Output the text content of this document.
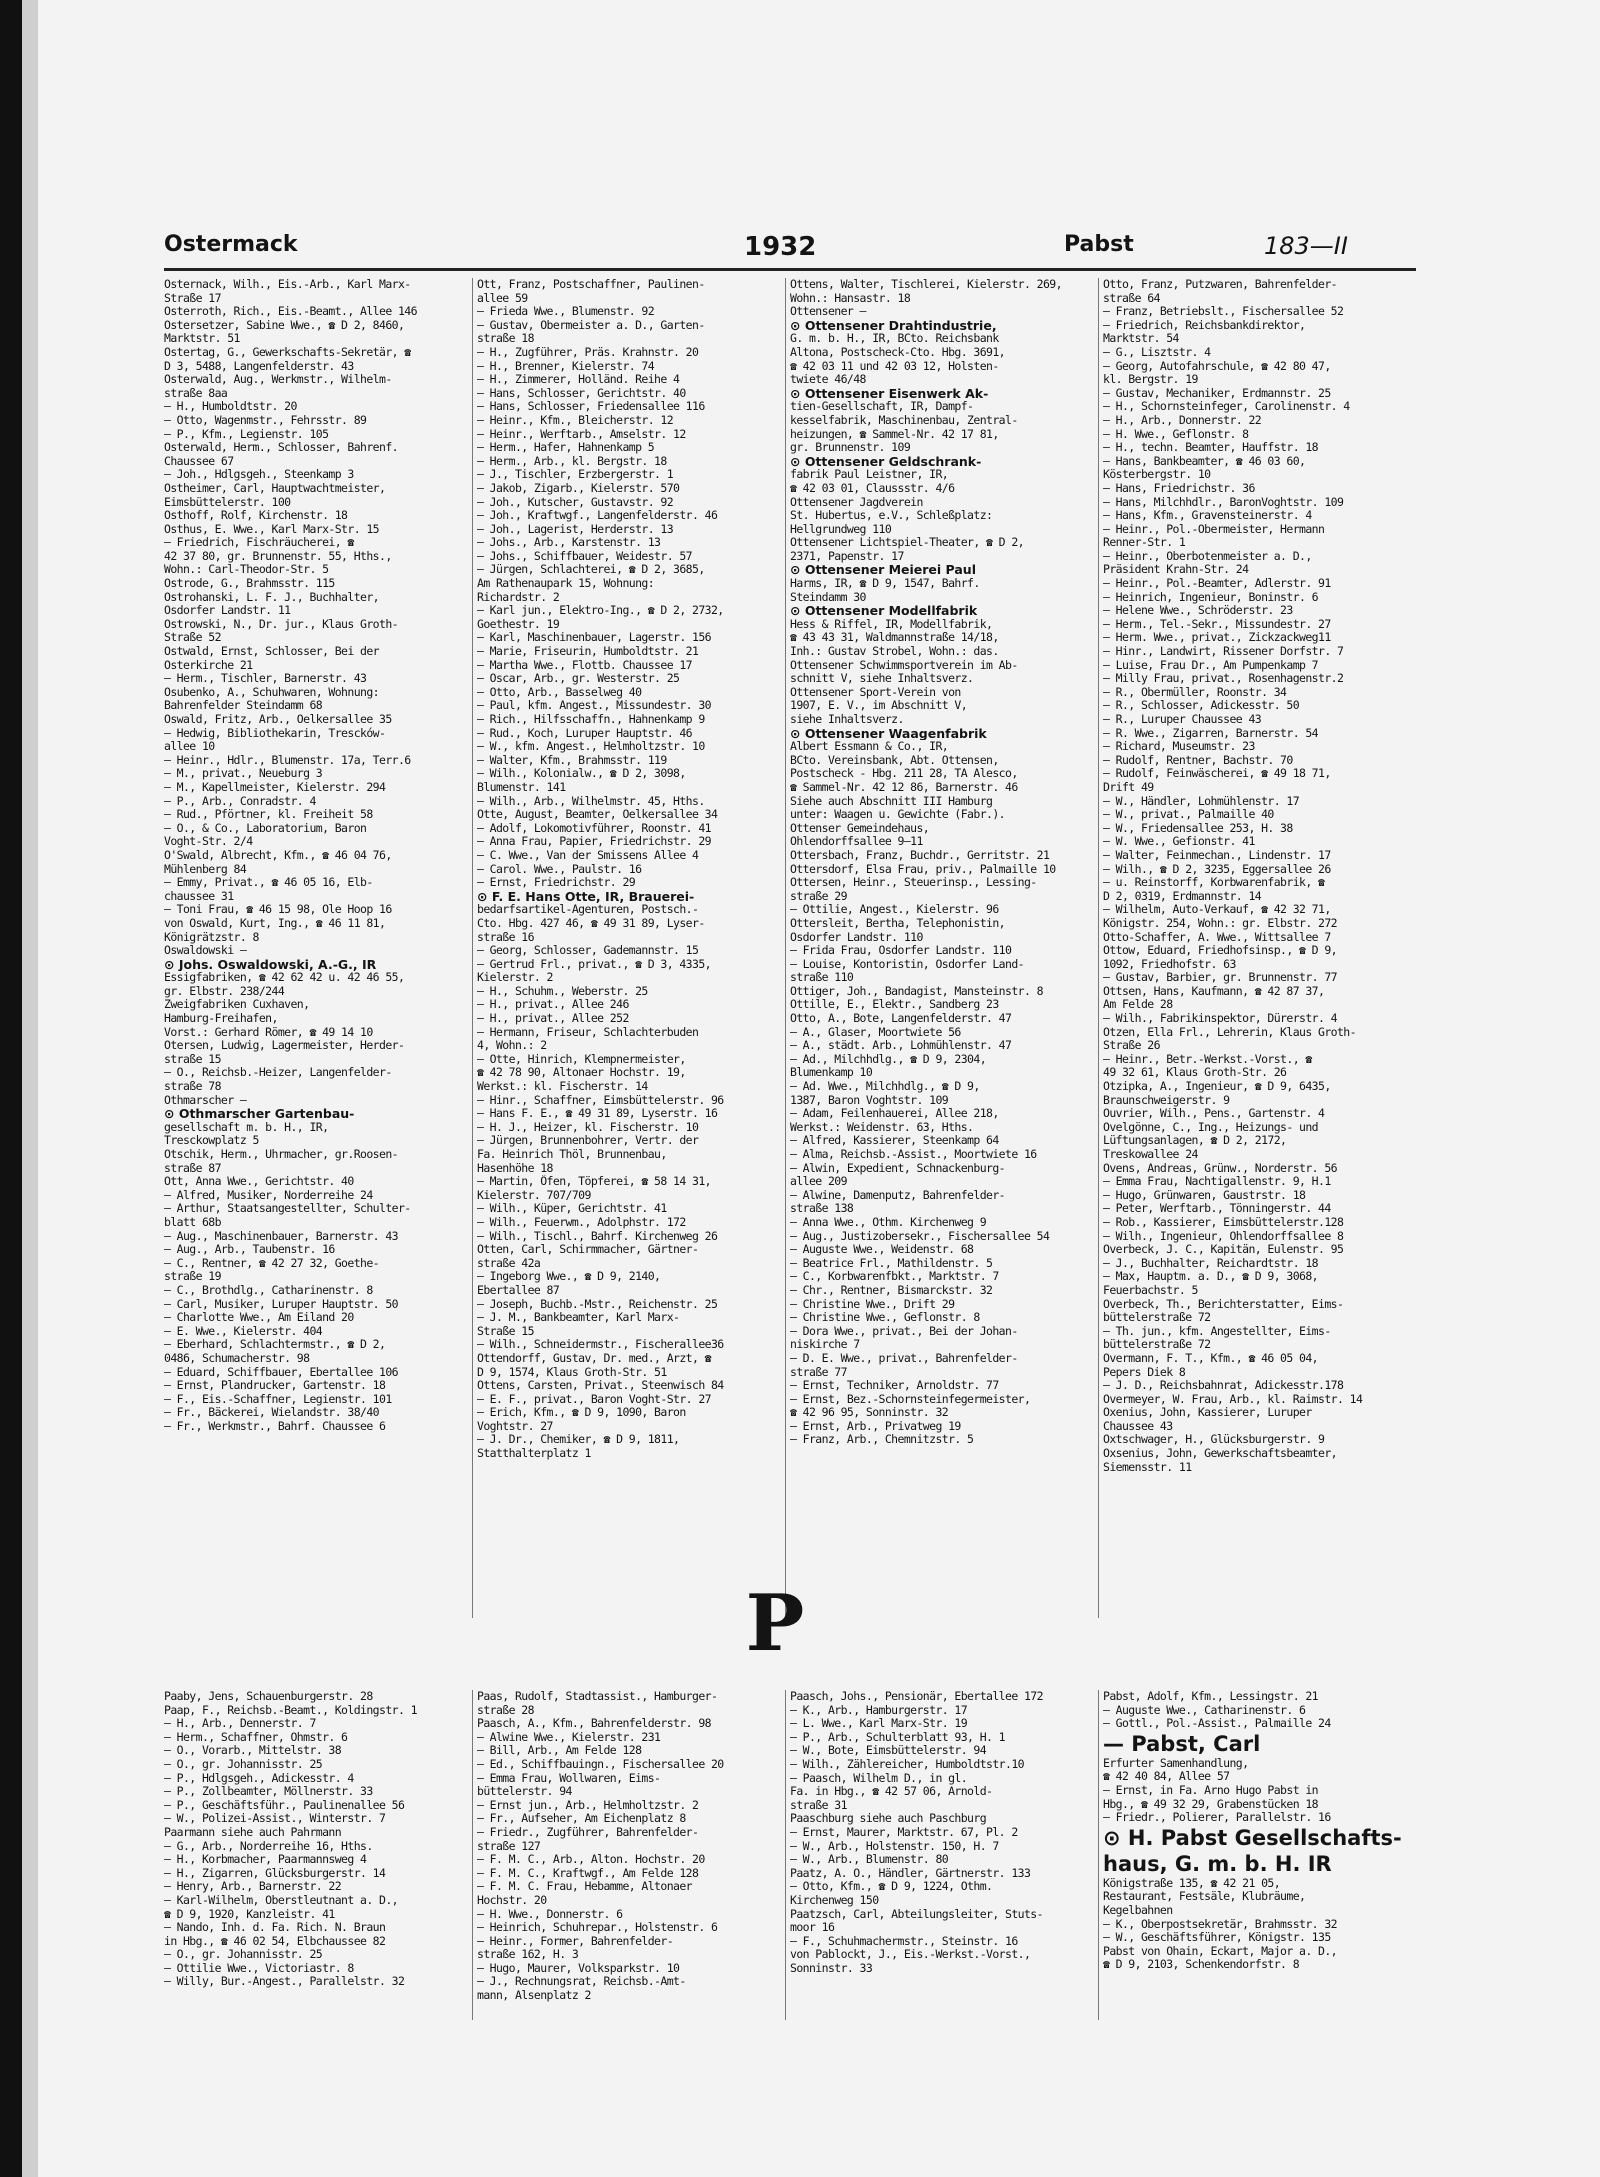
Ostermack	1932	Pabst	183—II
Osternack, Wilh., Eis.-Arb., Karl Marx-
Straße 17
Osterroth, Rich., Eis.-Beamt., Allee 146
Ostersetzer, Sabine Wwe., ☎ D 2, 8460,
Marktstr. 51
Ostertag, G., Gewerkschafts-Sekretär, ☎
D 3, 5488, Langenfelderstr. 43
Osterwald, Aug., Werkmstr., Wilhelm-
straße 8aa
— H., Humboldtstr. 20
— Otto, Wagenmstr., Fehrsstr. 89
— P., Kfm., Legienstr. 105
Osterwald, Herm., Schlosser, Bahrenf.
Chaussee 67
— Joh., Hdlgsgeh., Steenkamp 3
Ostheimer, Carl, Hauptwachtmeister,
Eimsbüttelerstr. 100
Osthoff, Rolf, Kirchenstr. 18
Osthus, E. Wwe., Karl Marx-Str. 15
— Friedrich, Fischräucherei, ☎
42 37 80, gr. Brunnenstr. 55, Hths.,
Wohn.: Carl-Theodor-Str. 5
Ostrode, G., Brahmsstr. 115
Ostrohanski, L. F. J., Buchhalter,
Osdorfer Landstr. 11
Ostrowski, N., Dr. jur., Klaus Groth-
Straße 52
Ostwald, Ernst, Schlosser, Bei der
Osterkirche 21
— Herm., Tischler, Barnerstr. 43
Osubenko, A., Schuhwaren, Wohnung:
Bahrenfelder Steindamm 68
Oswald, Fritz, Arb., Oelkersallee 35
— Hedwig, Bibliothekarin, Trescków-
allee 10
— Heinr., Hdlr., Blumenstr. 17a, Terr.6
— M., privat., Neueburg 3
— M., Kapellmeister, Kielerstr. 294
— P., Arb., Conradstr. 4
— Rud., Pförtner, kl. Freiheit 58
— O., & Co., Laboratorium, Baron
Voght-Str. 2/4
O'Swald, Albrecht, Kfm., ☎ 46 04 76,
Mühlenberg 84
— Emmy, Privat., ☎ 46 05 16, Elb-
chaussee 31
— Toni Frau, ☎ 46 15 98, Ole Hoop 16
von Oswald, Kurt, Ing., ☎ 46 11 81,
Königrätzstr. 8
Oswaldowski —
⊙ Johs. Oswaldowski, A.-G., IR
Essigfabriken, ☎ 42 62 42 u. 42 46 55,
gr. Elbstr. 238/244
Zweigfabriken Cuxhaven,
Hamburg-Freihafen,
Vorst.: Gerhard Römer, ☎ 49 14 10
Otersen, Ludwig, Lagermeister, Herder-
straße 15
— O., Reichsb.-Heizer, Langenfelder-
straße 78
Othmarscher —
⊙ Othmarscher Gartenbau-
gesellschaft m. b. H., IR,
Tresckowplatz 5
Otschik, Herm., Uhrmacher, gr.Roosen-
straße 87
Ott, Anna Wwe., Gerichtstr. 40
— Alfred, Musiker, Norderreihe 24
— Arthur, Staatsangestellter, Schulter-
blatt 68b
— Aug., Maschinenbauer, Barnerstr. 43
— Aug., Arb., Taubenstr. 16
— C., Rentner, ☎ 42 27 32, Goethe-
straße 19
— C., Brothdlg., Catharinenstr. 8
— Carl, Musiker, Luruper Hauptstr. 50
— Charlotte Wwe., Am Eiland 20
— E. Wwe., Kielerstr. 404
— Eberhard, Schlachtermstr., ☎ D 2,
0486, Schumacherstr. 98
— Eduard, Schiffbauer, Ebertallee 106
— Ernst, Plandrucker, Gartenstr. 18
— F., Eis.-Schaffner, Legienstr. 101
— Fr., Bäckerei, Wielandstr. 38/40
— Fr., Werkmstr., Bahrf. Chaussee 6
Ott, Franz, Postschaffner, Paulinen-
allee 59
— Frieda Wwe., Blumenstr. 92
— Gustav, Obermeister a. D., Garten-
straße 18
— H., Zugführer, Präs. Krahnstr. 20
— H., Brenner, Kielerstr. 74
— H., Zimmerer, Holländ. Reihe 4
— Hans, Schlosser, Gerichtstr. 40
— Hans, Schlosser, Friedensallee 116
— Heinr., Kfm., Bleicherstr. 12
— Heinr., Werftarb., Amselstr. 12
— Herm., Hafer, Hahnenkamp 5
— Herm., Arb., kl. Bergstr. 18
— J., Tischler, Erzbergerstr. 1
— Jakob, Zigarb., Kielerstr. 570
— Joh., Kutscher, Gustavstr. 92
— Joh., Kraftwgf., Langenfelderstr. 46
— Joh., Lagerist, Herderstr. 13
— Johs., Arb., Karstenstr. 13
— Johs., Schiffbauer, Weidestr. 57
— Jürgen, Schlachterei, ☎ D 2, 3685,
Am Rathenaupark 15, Wohnung:
Richardstr. 2
— Karl jun., Elektro-Ing., ☎ D 2, 2732,
Goethestr. 19
— Karl, Maschinenbauer, Lagerstr. 156
— Marie, Friseurin, Humboldtstr. 21
— Martha Wwe., Flottb. Chaussee 17
— Oscar, Arb., gr. Westerstr. 25
— Otto, Arb., Basselweg 40
— Paul, kfm. Angest., Missundestr. 30
— Rich., Hilfsschaffn., Hahnenkamp 9
— Rud., Koch, Luruper Hauptstr. 46
— W., kfm. Angest., Helmholtzstr. 10
— Walter, Kfm., Brahmsstr. 119
— Wilh., Kolonialw., ☎ D 2, 3098,
Blumenstr. 141
— Wilh., Arb., Wilhelmstr. 45, Hths.
Otte, August, Beamter, Oelkersallee 34
— Adolf, Lokomotivführer, Roonstr. 41
— Anna Frau, Papier, Friedrichstr. 29
— C. Wwe., Van der Smissens Allee 4
— Carol. Wwe., Paulstr. 16
— Ernst, Friedrichstr. 29
⊙ F. E. Hans Otte, IR, Brauerei-
bedarfsartikel-Agenturen, Postsch.-
Cto. Hbg. 427 46, ☎ 49 31 89, Lyser-
straße 16
— Georg, Schlosser, Gademannstr. 15
— Gertrud Frl., privat., ☎ D 3, 4335,
Kielerstr. 2
— H., Schuhm., Weberstr. 25
— H., privat., Allee 246
— H., privat., Allee 252
— Hermann, Friseur, Schlachterbuden
4, Wohn.: 2
— Otte, Hinrich, Klempnermeister,
☎ 42 78 90, Altonaer Hochstr. 19,
Werkst.: kl. Fischerstr. 14
— Hinr., Schaffner, Eimsbüttelerstr. 96
— Hans F. E., ☎ 49 31 89, Lyserstr. 16
— H. J., Heizer, kl. Fischerstr. 10
— Jürgen, Brunnenbohrer, Vertr. der
Fa. Heinrich Thöl, Brunnenbau,
Hasenhöhe 18
— Martin, Öfen, Töpferei, ☎ 58 14 31,
Kielerstr. 707/709
— Wilh., Küper, Gerichtstr. 41
— Wilh., Feuerwm., Adolphstr. 172
— Wilh., Tischl., Bahrf. Kirchenweg 26
Otten, Carl, Schirmmacher, Gärtner-
straße 42a
— Ingeborg Wwe., ☎ D 9, 2140,
Ebertallee 87
— Joseph, Buchb.-Mstr., Reichenstr. 25
— J. M., Bankbeamter, Karl Marx-
Straße 15
— Wilh., Schneidermstr., Fischerallee36
Ottendorff, Gustav, Dr. med., Arzt, ☎
D 9, 1574, Klaus Groth-Str. 51
Ottens, Carsten, Privat., Steenwisch 84
— E. F., privat., Baron Voght-Str. 27
— Erich, Kfm., ☎ D 9, 1090, Baron
Voghtstr. 27
— J. Dr., Chemiker, ☎ D 9, 1811,
Statthalterplatz 1
Ottens, Walter, Tischlerei, Kielerstr. 269,
Wohn.: Hansastr. 18
Ottensener —
⊙ Ottensener Drahtindustrie,
G. m. b. H., IR, BCto. Reichsbank
Altona, Postscheck-Cto. Hbg. 3691,
☎ 42 03 11 und 42 03 12, Holsten-
twiete 46/48
⊙ Ottensener Eisenwerk Ak-
tien-Gesellschaft, IR, Dampf-
kesselfabrik, Maschinenbau, Zentral-
heizungen, ☎ Sammel-Nr. 42 17 81,
gr. Brunnenstr. 109
⊙ Ottensener Geldschrank-
fabrik Paul Leistner, IR,
☎ 42 03 01, Claussstr. 4/6
Ottensener Jagdverein
St. Hubertus, e.V., Schleßplatz:
Hellgrundweg 110
Ottensener Lichtspiel-Theater, ☎ D 2,
2371, Papenstr. 17
⊙ Ottensener Meierei Paul
Harms, IR, ☎ D 9, 1547, Bahrf.
Steindamm 30
⊙ Ottensener Modellfabrik
Hess & Riffel, IR, Modellfabrik,
☎ 43 43 31, Waldmannstraße 14/18,
Inh.: Gustav Strobel, Wohn.: das.
Ottensener Schwimmsportverein im Ab-
schnitt V, siehe Inhaltsverz.
Ottensener Sport-Verein von
1907, E. V., im Abschnitt V,
siehe Inhaltsverz.
⊙ Ottensener Waagenfabrik
Albert Essmann & Co., IR,
BCto. Vereinsbank, Abt. Ottensen,
Postscheck - Hbg. 211 28, TA Alesco,
☎ Sammel-Nr. 42 12 86, Barnerstr. 46
Siehe auch Abschnitt III Hamburg
unter: Waagen u. Gewichte (Fabr.).
Ottenser Gemeindehaus,
Ohlendorffsallee 9—11
Ottersbach, Franz, Buchdr., Gerritstr. 21
Ottersdorf, Elsa Frau, priv., Palmaille 10
Ottersen, Heinr., Steuerinsp., Lessing-
straße 29
— Ottilie, Angest., Kielerstr. 96
Ottersleit, Bertha, Telephonistin,
Osdorfer Landstr. 110
— Frida Frau, Osdorfer Landstr. 110
— Louise, Kontoristin, Osdorfer Land-
straße 110
Ottiger, Joh., Bandagist, Mansteinstr. 8
Ottille, E., Elektr., Sandberg 23
Otto, A., Bote, Langenfelderstr. 47
— A., Glaser, Moortwiete 56
— A., städt. Arb., Lohmühlenstr. 47
— Ad., Milchhdlg., ☎ D 9, 2304,
Blumenkamp 10
— Ad. Wwe., Milchhdlg., ☎ D 9,
1387, Baron Voghtstr. 109
— Adam, Feilenhauerei, Allee 218,
Werkst.: Weidenstr. 63, Hths.
— Alfred, Kassierer, Steenkamp 64
— Alma, Reichsb.-Assist., Moortwiete 16
— Alwin, Expedient, Schnackenburg-
allee 209
— Alwine, Damenputz, Bahrenfelder-
straße 138
— Anna Wwe., Othm. Kirchenweg 9
— Aug., Justizobersekr., Fischersallee 54
— Auguste Wwe., Weidenstr. 68
— Beatrice Frl., Mathildenstr. 5
— C., Korbwarenfbkt., Marktstr. 7
— Chr., Rentner, Bismarckstr. 32
— Christine Wwe., Drift 29
— Christine Wwe., Geflonstr. 8
— Dora Wwe., privat., Bei der Johan-
niskirche 7
— D. E. Wwe., privat., Bahrenfelder-
straße 77
— Ernst, Techniker, Arnoldstr. 77
— Ernst, Bez.-Schornsteinfegermeister,
☎ 42 96 95, Sonninstr. 32
— Ernst, Arb., Privatweg 19
— Franz, Arb., Chemnitzstr. 5
Otto, Franz, Putzwaren, Bahrenfelder-
straße 64
— Franz, Betriebslt., Fischersallee 52
— Friedrich, Reichsbankdirektor,
Marktstr. 54
— G., Lisztstr. 4
— Georg, Autofahrschule, ☎ 42 80 47,
kl. Bergstr. 19
— Gustav, Mechaniker, Erdmannstr. 25
— H., Schornsteinfeger, Carolinenstr. 4
— H., Arb., Donnerstr. 22
— H. Wwe., Geflonstr. 8
— H., techn. Beamter, Hauffstr. 18
— Hans, Bankbeamter, ☎ 46 03 60,
Kösterbergstr. 10
— Hans, Friedrichstr. 36
— Hans, Milchhdlr., BaronVoghtstr. 109
— Hans, Kfm., Gravensteinerstr. 4
— Heinr., Pol.-Obermeister, Hermann
Renner-Str. 1
— Heinr., Oberbotenmeister a. D.,
Präsident Krahn-Str. 24
— Heinr., Pol.-Beamter, Adlerstr. 91
— Heinrich, Ingenieur, Boninstr. 6
— Helene Wwe., Schröderstr. 23
— Herm., Tel.-Sekr., Missundestr. 27
— Herm. Wwe., privat., Zickzackweg11
— Hinr., Landwirt, Rissener Dorfstr. 7
— Luise, Frau Dr., Am Pumpenkamp 7
— Milly Frau, privat., Rosenhagenstr.2
— R., Obermüller, Roonstr. 34
— R., Schlosser, Adickesstr. 50
— R., Luruper Chaussee 43
— R. Wwe., Zigarren, Barnerstr. 54
— Richard, Museumstr. 23
— Rudolf, Rentner, Bachstr. 70
— Rudolf, Feinwäscherei, ☎ 49 18 71,
Drift 49
— W., Händler, Lohmühlenstr. 17
— W., privat., Palmaille 40
— W., Friedensallee 253, H. 38
— W. Wwe., Gefionstr. 41
— Walter, Feinmechan., Lindenstr. 17
— Wilh., ☎ D 2, 3235, Eggersallee 26
— u. Reinstorff, Korbwarenfabrik, ☎
D 2, 0319, Erdmannstr. 14
— Wilhelm, Auto-Verkauf, ☎ 42 32 71,
Königstr. 254, Wohn.: gr. Elbstr. 272
Otto-Schaffer, A. Wwe., Wittsallee 7
Ottow, Eduard, Friedhofsinsp., ☎ D 9,
1092, Friedhofstr. 63
— Gustav, Barbier, gr. Brunnenstr. 77
Ottsen, Hans, Kaufmann, ☎ 42 87 37,
Am Felde 28
— Wilh., Fabrikinspektor, Dürerstr. 4
Otzen, Ella Frl., Lehrerin, Klaus Groth-
Straße 26
— Heinr., Betr.-Werkst.-Vorst., ☎
49 32 61, Klaus Groth-Str. 26
Otzipka, A., Ingenieur, ☎ D 9, 6435,
Braunschweigerstr. 9
Ouvrier, Wilh., Pens., Gartenstr. 4
Ovelgönne, C., Ing., Heizungs- und
Lüftungsanlagen, ☎ D 2, 2172,
Treskowallee 24
Ovens, Andreas, Grünw., Norderstr. 56
— Emma Frau, Nachtigallenstr. 9, H.1
— Hugo, Grünwaren, Gaustrstr. 18
— Peter, Werftarb., Tönningerstr. 44
— Rob., Kassierer, Eimsbüttelerstr.128
— Wilh., Ingenieur, Ohlendorffsallee 8
Overbeck, J. C., Kapitän, Eulenstr. 95
— J., Buchhalter, Reichardtstr. 18
— Max, Hauptm. a. D., ☎ D 9, 3068,
Feuerbachstr. 5
Overbeck, Th., Berichterstatter, Eims-
büttelerstraße 72
— Th. jun., kfm. Angestellter, Eims-
büttelerstraße 72
Overmann, F. T., Kfm., ☎ 46 05 04,
Pepers Diek 8
— J. D., Reichsbahnrat, Adickesstr.178
Overmeyer, W. Frau, Arb., kl. Raimstr. 14
Oxenius, John, Kassierer, Luruper
Chaussee 43
Oxtschwager, H., Glücksburgerstr. 9
Oxsenius, John, Gewerkschaftsbeamter,
Siemensstr. 11
P
Paaby, Jens, Schauenburgerstr. 28
Paap, F., Reichsb.-Beamt., Koldingstr. 1
— H., Arb., Dennerstr. 7
— Herm., Schaffner, Ohmstr. 6
— O., Vorarb., Mittelstr. 38
— O., gr. Johannisstr. 25
— P., Hdlgsgeh., Adickesstr. 4
— P., Zollbeamter, Möllnerstr. 33
— P., Geschäftsführ., Paulinenallee 56
— W., Polizei-Assist., Winterstr. 7
Paarmann siehe auch Pahrmann
— G., Arb., Norderreihe 16, Hths.
— H., Korbmacher, Paarmannsweg 4
— H., Zigarren, Glücksburgerstr. 14
— Henry, Arb., Barnerstr. 22
— Karl-Wilhelm, Oberstleutnant a. D.,
☎ D 9, 1920, Kanzleistr. 41
— Nando, Inh. d. Fa. Rich. N. Braun
in Hbg., ☎ 46 02 54, Elbchaussee 82
— O., gr. Johannisstr. 25
— Ottilie Wwe., Victoriastr. 8
— Willy, Bur.-Angest., Parallelstr. 32
Paas, Rudolf, Stadtassist., Hamburger-
straße 28
Paasch, A., Kfm., Bahrenfelderstr. 98
— Alwine Wwe., Kielerstr. 231
— Bill, Arb., Am Felde 128
— Ed., Schiffbauingn., Fischersallee 20
— Emma Frau, Wollwaren, Eims-
büttelerstr. 94
— Ernst jun., Arb., Helmholtzstr. 2
— Fr., Aufseher, Am Eichenplatz 8
— Friedr., Zugführer, Bahrenfelder-
straße 127
— F. M. C., Arb., Alton. Hochstr. 20
— F. M. C., Kraftwgf., Am Felde 128
— F. M. C. Frau, Hebamme, Altonaer
Hochstr. 20
— H. Wwe., Donnerstr. 6
— Heinrich, Schuhrepar., Holstenstr. 6
— Heinr., Former, Bahrenfelder-
straße 162, H. 3
— Hugo, Maurer, Volksparkstr. 10
— J., Rechnungsrat, Reichsb.-Amt-
mann, Alsenplatz 2
Paasch, Johs., Pensionär, Ebertallee 172
— K., Arb., Hamburgerstr. 17
— L. Wwe., Karl Marx-Str. 19
— P., Arb., Schulterblatt 93, H. 1
— W., Bote, Eimsbüttelerstr. 94
— Wilh., Zählereicher, Humboldtstr.10
— Paasch, Wilhelm D., in gl.
Fa. in Hbg., ☎ 42 57 06, Arnold-
straße 31
Paaschburg siehe auch Paschburg
— Ernst, Maurer, Marktstr. 67, Pl. 2
— W., Arb., Holstenstr. 150, H. 7
— W., Arb., Blumenstr. 80
Paatz, A. O., Händler, Gärtnerstr. 133
— Otto, Kfm., ☎ D 9, 1224, Othm.
Kirchenweg 150
Paatzsch, Carl, Abteilungsleiter, Stuts-
moor 16
— F., Schuhmachermstr., Steinstr. 16
von Pablockt, J., Eis.-Werkst.-Vorst.,
Sonninstr. 33
Pabst, Adolf, Kfm., Lessingstr. 21
— Auguste Wwe., Catharinenstr. 6
— Gottl., Pol.-Assist., Palmaille 24
— Pabst, Carl
Erfurter Samenhandlung,
☎ 42 40 84, Allee 57
— Ernst, in Fa. Arno Hugo Pabst in
Hbg., ☎ 49 32 29, Grabenstücken 18
— Friedr., Polierer, Parallelstr. 16
⊙ H. Pabst Gesellschafts-
haus, G. m. b. H. IR
Königstraße 135, ☎ 42 21 05,
Restaurant, Festsäle, Klubräume,
Kegelbahnen
— K., Oberpostsekretär, Brahmsstr. 32
— W., Geschäftsführer, Königstr. 135
Pabst von Ohain, Eckart, Major a. D.,
☎ D 9, 2103, Schenkendorfstr. 8
